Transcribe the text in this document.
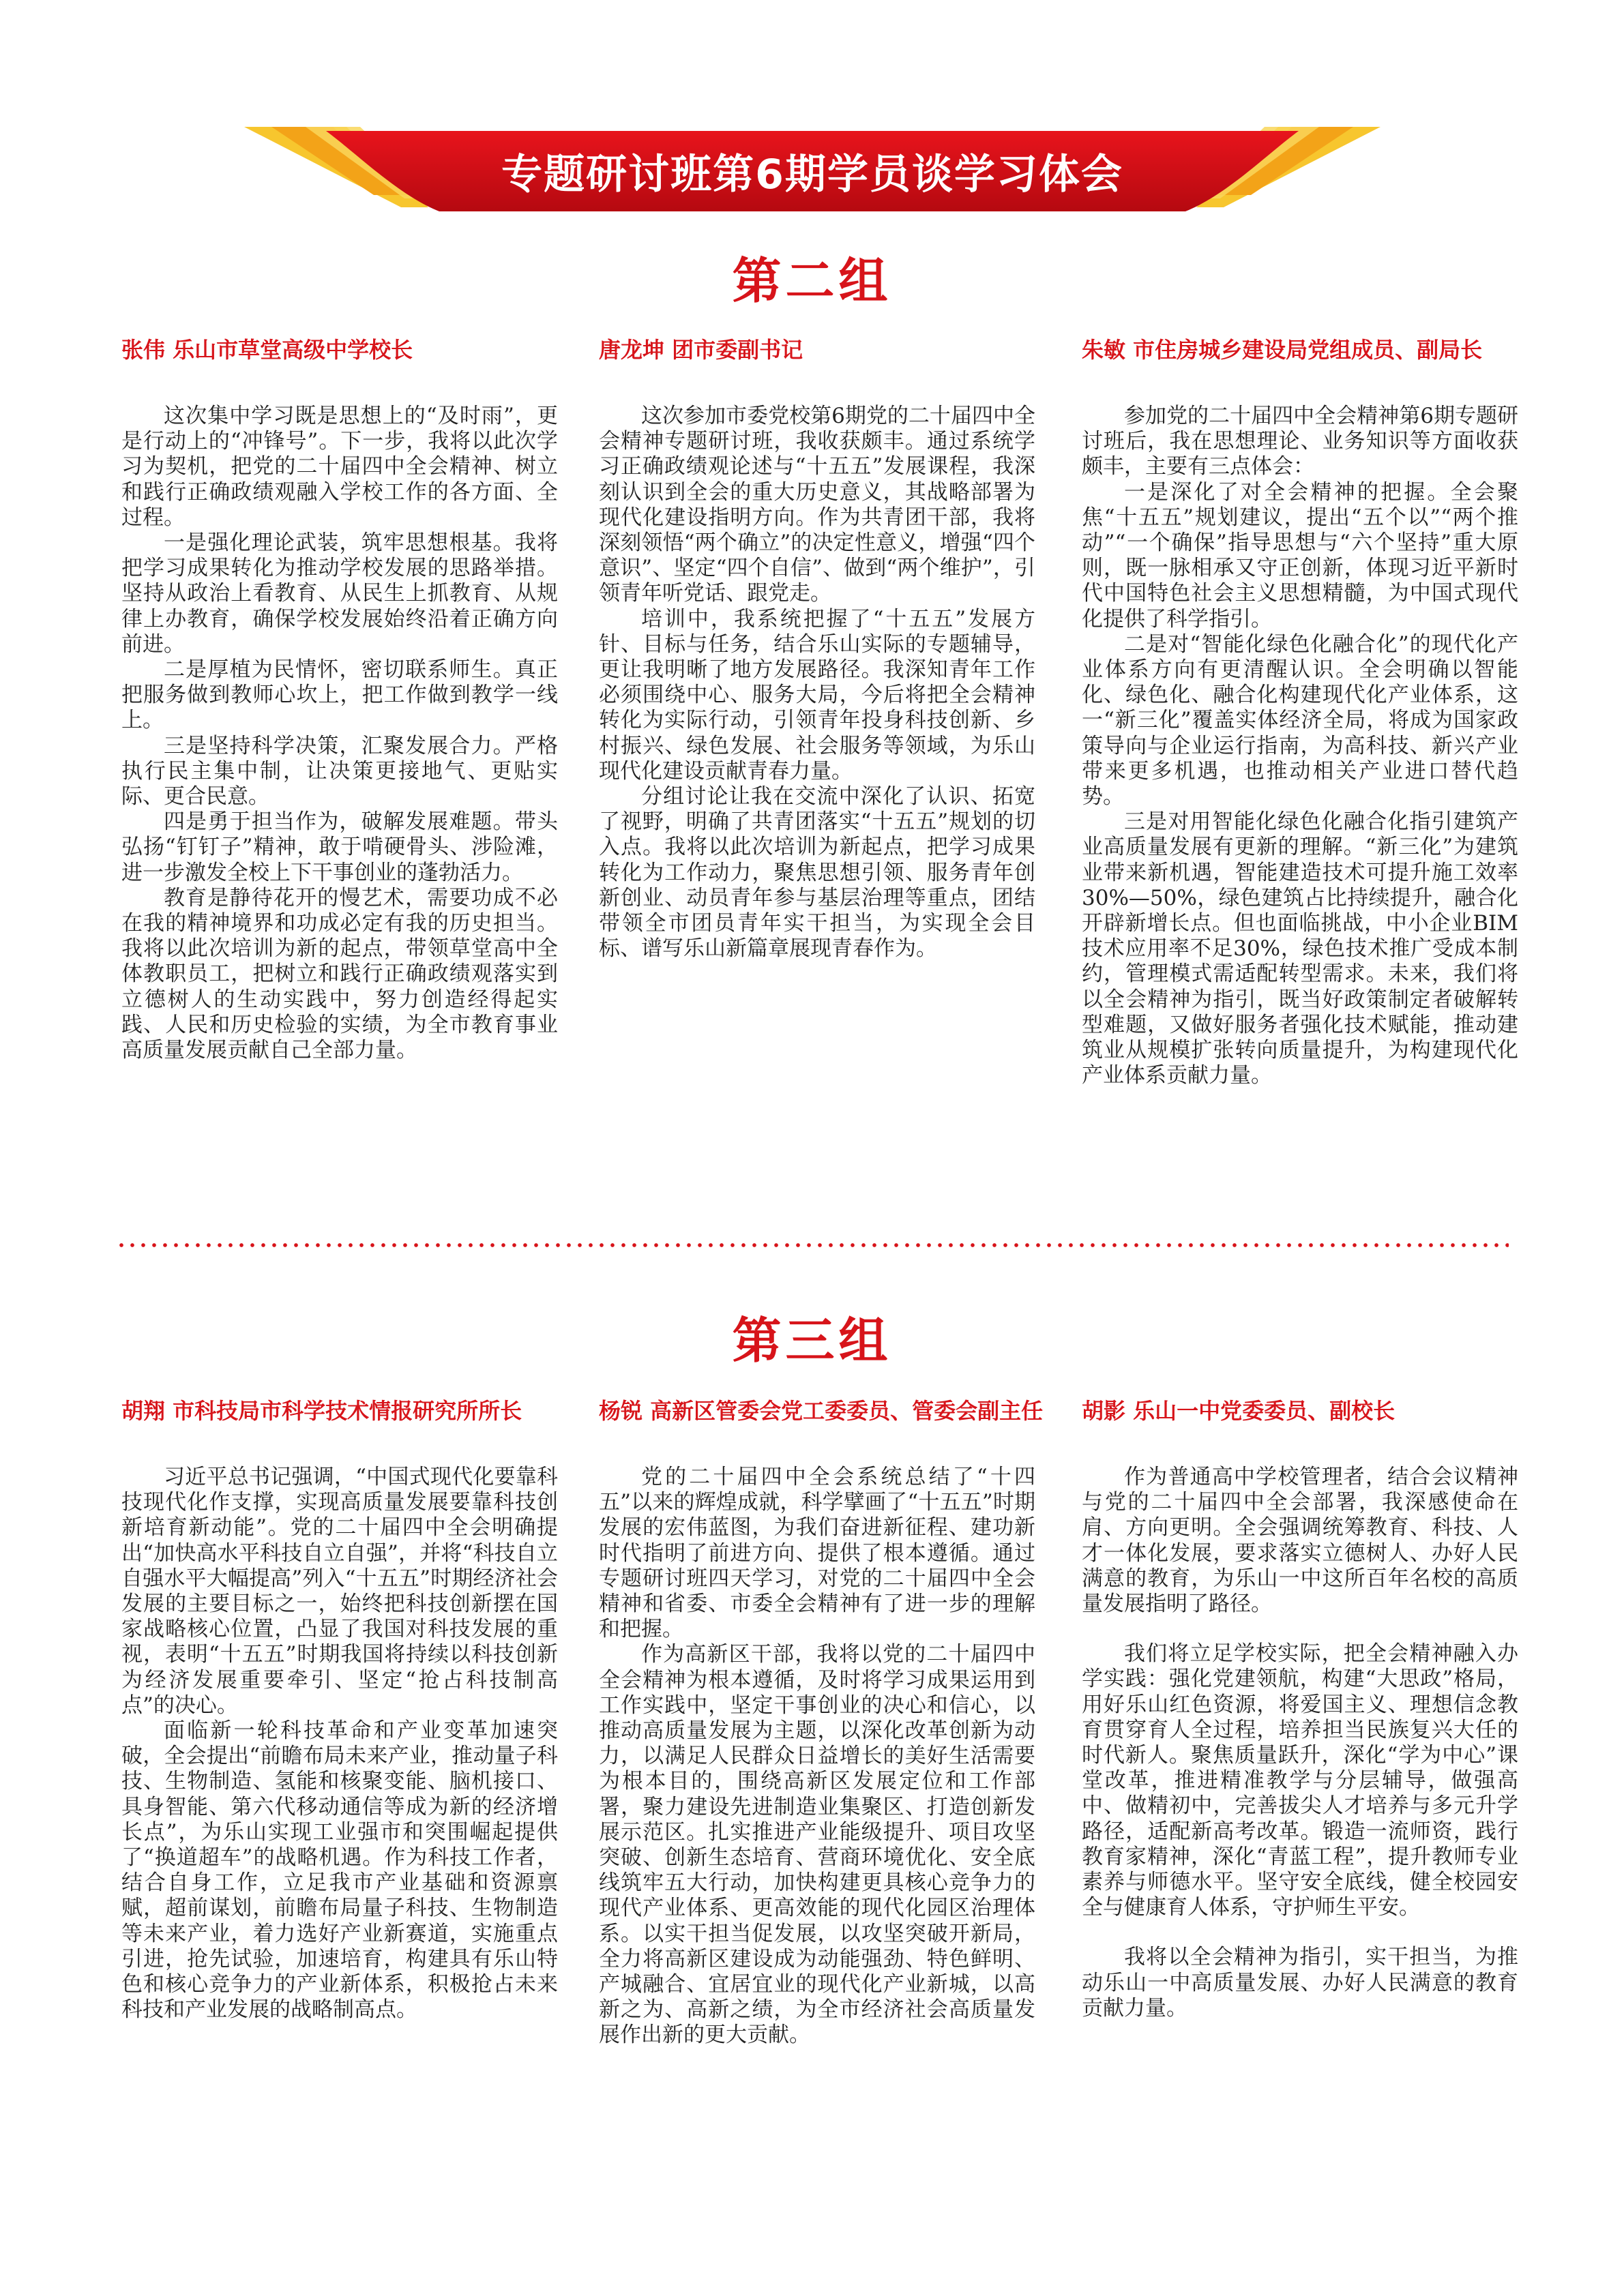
专题研讨班第6期学员谈学习体会
第二组
张伟 乐山市草堂高级中学校长

这次集中学习既是思想上的“及时雨”，更是行动上的“冲锋号”。下一步，我将以此次学习为契机，把党的二十届四中全会精神、树立和践行正确政绩观融入学校工作的各方面、全过程。

一是强化理论武装，筑牢思想根基。我将把学习成果转化为推动学校发展的思路举措。坚持从政治上看教育、从民生上抓教育、从规律上办教育，确保学校发展始终沿着正确方向前进。

二是厚植为民情怀，密切联系师生。真正把服务做到教师心坎上，把工作做到教学一线上。

三是坚持科学决策，汇聚发展合力。严格执行民主集中制，让决策更接地气、更贴实际、更合民意。

四是勇于担当作为，破解发展难题。带头弘扬“钉钉子”精神，敢于啃硬骨头、涉险滩，进一步激发全校上下干事创业的蓬勃活力。

教育是静待花开的慢艺术，需要功成不必在我的精神境界和功成必定有我的历史担当。我将以此次培训为新的起点，带领草堂高中全体教职员工，把树立和践行正确政绩观落实到立德树人的生动实践中，努力创造经得起实践、人民和历史检验的实绩，为全市教育事业高质量发展贡献自己全部力量。

唐龙坤 团市委副书记

这次参加市委党校第6期党的二十届四中全会精神专题研讨班，我收获颇丰。通过系统学习正确政绩观论述与“十五五”发展课程，我深刻认识到全会的重大历史意义，其战略部署为现代化建设指明方向。作为共青团干部，我将深刻领悟“两个确立”的决定性意义，增强“四个意识”、坚定“四个自信”、做到“两个维护”，引领青年听党话、跟党走。

培训中，我系统把握了“十五五”发展方针、目标与任务，结合乐山实际的专题辅导，更让我明晰了地方发展路径。我深知青年工作必须围绕中心、服务大局，今后将把全会精神转化为实际行动，引领青年投身科技创新、乡村振兴、绿色发展、社会服务等领域，为乐山现代化建设贡献青春力量。

分组讨论让我在交流中深化了认识、拓宽了视野，明确了共青团落实“十五五”规划的切入点。我将以此次培训为新起点，把学习成果转化为工作动力，聚焦思想引领、服务青年创新创业、动员青年参与基层治理等重点，团结带领全市团员青年实干担当，为实现全会目标、谱写乐山新篇章展现青春作为。

朱敏 市住房城乡建设局党组成员、副局长

参加党的二十届四中全会精神第6期专题研讨班后，我在思想理论、业务知识等方面收获颇丰，主要有三点体会：

一是深化了对全会精神的把握。全会聚焦“十五五”规划建议，提出“五个以”“两个推动”“一个确保”指导思想与“六个坚持”重大原则，既一脉相承又守正创新，体现习近平新时代中国特色社会主义思想精髓，为中国式现代化提供了科学指引。

二是对“智能化绿色化融合化”的现代化产业体系方向有更清醒认识。全会明确以智能化、绿色化、融合化构建现代化产业体系，这一“新三化”覆盖实体经济全局，将成为国家政策导向与企业运行指南，为高科技、新兴产业带来更多机遇，也推动相关产业进口替代趋势。

三是对用智能化绿色化融合化指引建筑产业高质量发展有更新的理解。“新三化”为建筑业带来新机遇，智能建造技术可提升施工效率30%—50%，绿色建筑占比持续提升，融合化开辟新增长点。但也面临挑战，中小企业BIM技术应用率不足30%，绿色技术推广受成本制约，管理模式需适配转型需求。未来，我们将以全会精神为指引，既当好政策制定者破解转型难题，又做好服务者强化技术赋能，推动建筑业从规模扩张转向质量提升，为构建现代化产业体系贡献力量。

第三组
胡翔 市科技局市科学技术情报研究所所长

习近平总书记强调，“中国式现代化要靠科技现代化作支撑，实现高质量发展要靠科技创新培育新动能”。党的二十届四中全会明确提出“加快高水平科技自立自强”，并将“科技自立自强水平大幅提高”列入“十五五”时期经济社会发展的主要目标之一，始终把科技创新摆在国家战略核心位置，凸显了我国对科技发展的重视，表明“十五五”时期我国将持续以科技创新为经济发展重要牵引、坚定“抢占科技制高点”的决心。

面临新一轮科技革命和产业变革加速突破，全会提出“前瞻布局未来产业，推动量子科技、生物制造、氢能和核聚变能、脑机接口、具身智能、第六代移动通信等成为新的经济增长点”，为乐山实现工业强市和突围崛起提供了“换道超车”的战略机遇。作为科技工作者，结合自身工作，立足我市产业基础和资源禀赋，超前谋划，前瞻布局量子科技、生物制造等未来产业，着力选好产业新赛道，实施重点引进，抢先试验，加速培育，构建具有乐山特色和核心竞争力的产业新体系，积极抢占未来科技和产业发展的战略制高点。

杨锐 高新区管委会党工委委员、管委会副主任

党的二十届四中全会系统总结了“十四五”以来的辉煌成就，科学擘画了“十五五”时期发展的宏伟蓝图，为我们奋进新征程、建功新时代指明了前进方向、提供了根本遵循。通过专题研讨班四天学习，对党的二十届四中全会精神和省委、市委全会精神有了进一步的理解和把握。

作为高新区干部，我将以党的二十届四中全会精神为根本遵循，及时将学习成果运用到工作实践中，坚定干事创业的决心和信心，以推动高质量发展为主题，以深化改革创新为动力，以满足人民群众日益增长的美好生活需要为根本目的，围绕高新区发展定位和工作部署，聚力建设先进制造业集聚区、打造创新发展示范区。扎实推进产业能级提升、项目攻坚突破、创新生态培育、营商环境优化、安全底线筑牢五大行动，加快构建更具核心竞争力的现代产业体系、更高效能的现代化园区治理体系。以实干担当促发展，以攻坚突破开新局，全力将高新区建设成为动能强劲、特色鲜明、产城融合、宜居宜业的现代化产业新城，以高新之为、高新之绩，为全市经济社会高质量发展作出新的更大贡献。

胡影 乐山一中党委委员、副校长

作为普通高中学校管理者，结合会议精神与党的二十届四中全会部署，我深感使命在肩、方向更明。全会强调统筹教育、科技、人才一体化发展，要求落实立德树人、办好人民满意的教育，为乐山一中这所百年名校的高质量发展指明了路径。

我们将立足学校实际，把全会精神融入办学实践：强化党建领航，构建“大思政”格局，用好乐山红色资源，将爱国主义、理想信念教育贯穿育人全过程，培养担当民族复兴大任的时代新人。聚焦质量跃升，深化“学为中心”课堂改革，推进精准教学与分层辅导，做强高中、做精初中，完善拔尖人才培养与多元升学路径，适配新高考改革。锻造一流师资，践行教育家精神，深化“青蓝工程”，提升教师专业素养与师德水平。坚守安全底线，健全校园安全与健康育人体系，守护师生平安。

我将以全会精神为指引，实干担当，为推动乐山一中高质量发展、办好人民满意的教育贡献力量。
